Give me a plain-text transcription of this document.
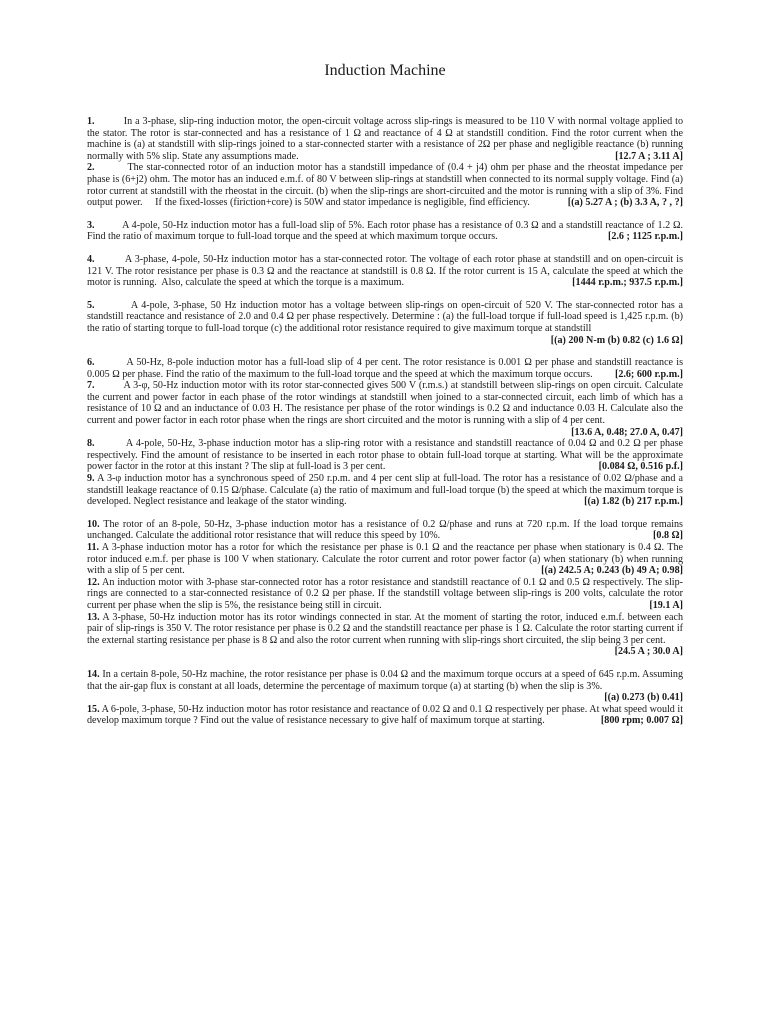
Induction Machine
1.          In a 3-phase, slip-ring induction motor, the open-circuit voltage across slip-rings is measured to be 110 V with normal voltage applied to the stator. The rotor is star-connected and has a resistance of 1 Ω and reactance of 4 Ω at standstill condition. Find the rotor current when the machine is (a) at standstill with slip-rings joined to a star-connected starter with a resistance of 2Ω per phase and negligible reactance (b) running normally with 5% slip. State any assumptions made.	[12.7 A ; 3.11 A]
2.          The star-connected rotor of an induction motor has a standstill impedance of (0.4 + j4) ohm per phase and the rheostat impedance per phase is (6+j2) ohm. The motor has an induced e.m.f. of 80 V between slip-rings at standstill when connected to its normal supply voltage. Find (a) rotor current at standstill with the rheostat in the circuit. (b) when the slip-rings are short-circuited and the motor is running with a slip of 3%. Find output power.     If the fixed-losses (firiction+core) is 50W and stator impedance is negligible, find efficiency.	[(a) 5.27 A ; (b) 3.3 A, ? , ?]
3.          A 4-pole, 50-Hz induction motor has a full-load slip of 5%. Each rotor phase has a resistance of 0.3 Ω and a standstill reactance of 1.2 Ω. Find the ratio of maximum torque to full-load torque and the speed at which maximum torque occurs.	[2.6 ; 1125 r.p.m.]
4.          A 3-phase, 4-pole, 50-Hz induction motor has a star-connected rotor. The voltage of each rotor phase at standstill and on open-circuit is 121 V. The rotor resistance per phase is 0.3 Ω and the reactance at standstill is 0.8 Ω. If the rotor current is 15 A, calculate the speed at which the motor is running.  Also, calculate the speed at which the torque is a maximum.	[1444 r.p.m.; 937.5 r.p.m.]
5.          A 4-pole, 3-phase, 50 Hz induction motor has a voltage between slip-rings on open-circuit of 520 V. The star-connected rotor has a standstill reactance and resistance of 2.0 and 0.4 Ω per phase respectively. Determine : (a) the full-load torque if full-load speed is 1,425 r.p.m. (b) the ratio of starting torque to full-load torque (c) the additional rotor resistance required to give maximum torque at standstill
[(a) 200 N-m (b) 0.82 (c) 1.6 Ω]
6.          A 50-Hz, 8-pole induction motor has a full-load slip of 4 per cent. The rotor resistance is 0.001 Ω per phase and standstill reactance is 0.005 Ω per phase. Find the ratio of the maximum to the full-load torque and the speed at which the maximum torque occurs.	[2.6; 600 r.p.m.]
7.          A 3-φ, 50-Hz induction motor with its rotor star-connected gives 500 V (r.m.s.) at standstill between slip-rings on open circuit. Calculate the current and power factor in each phase of the rotor windings at standstill when joined to a star-connected circuit, each limb of which has a resistance of 10 Ω and an inductance of 0.03 H. The resistance per phase of the rotor windings is 0.2 Ω and inductance 0.03 H. Calculate also the current and power factor in each rotor phase when the rings are short circuited and the motor is running with a slip of 4 per cent.
[13.6 A, 0.48; 27.0 A, 0.47]
8.          A 4-pole, 50-Hz, 3-phase induction motor has a slip-ring rotor with a resistance and standstill reactance of 0.04 Ω and 0.2 Ω per phase respectively. Find the amount of resistance to be inserted in each rotor phase to obtain full-load torque at starting. What will be the approximate power factor in the rotor at this instant ? The slip at full-load is 3 per cent.	[0.084 Ω, 0.516 p.f.]
9. A 3-φ induction motor has a synchronous speed of 250 r.p.m. and 4 per cent slip at full-load. The rotor has a resistance of 0.02 Ω/phase and a standstill leakage reactance of 0.15 Ω/phase. Calculate (a) the ratio of maximum and full-load torque (b) the speed at which the maximum torque is developed. Neglect resistance and leakage of the stator winding.	[(a) 1.82 (b) 217 r.p.m.]
10. The rotor of an 8-pole, 50-Hz, 3-phase induction motor has a resistance of 0.2 Ω/phase and runs at 720 r.p.m. If the load torque remains unchanged. Calculate the additional rotor resistance that will reduce this speed by 10%.	[0.8 Ω]
11. A 3-phase induction motor has a rotor for which the resistance per phase is 0.1 Ω and the reactance per phase when stationary is 0.4 Ω. The rotor induced e.m.f. per phase is 100 V when stationary. Calculate the rotor current and rotor power factor (a) when stationary (b) when running with a slip of 5 per cent.	[(a) 242.5 A; 0.243 (b) 49 A; 0.98]
12. An induction motor with 3-phase star-connected rotor has a rotor resistance and standstill reactance of 0.1 Ω and 0.5 Ω respectively. The slip-rings are connected to a star-connected resistance of 0.2 Ω per phase. If the standstill voltage between slip-rings is 200 volts, calculate the rotor current per phase when the slip is 5%, the resistance being still in circuit.	[19.1 A]
13. A 3-phase, 50-Hz induction motor has its rotor windings connected in star. At the moment of starting the rotor, induced e.m.f. between each pair of slip-rings is 350 V. The rotor resistance per phase is 0.2 Ω and the standstill reactance per phase is 1 Ω. Calculate the rotor starting current if the external starting resistance per phase is 8 Ω and also the rotor current when running with slip-rings short circuited, the slip being 3 per cent.
[24.5 A ; 30.0 A]
14. In a certain 8-pole, 50-Hz machine, the rotor resistance per phase is 0.04 Ω and the maximum torque occurs at a speed of 645 r.p.m. Assuming that the air-gap flux is constant at all loads, determine the percentage of maximum torque (a) at starting (b) when the slip is 3%.
[(a) 0.273 (b) 0.41]
15. A 6-pole, 3-phase, 50-Hz induction motor has rotor resistance and reactance of 0.02 Ω and 0.1 Ω respectively per phase. At what speed would it develop maximum torque ? Find out the value of resistance necessary to give half of maximum torque at starting.	[800 rpm; 0.007 Ω]
